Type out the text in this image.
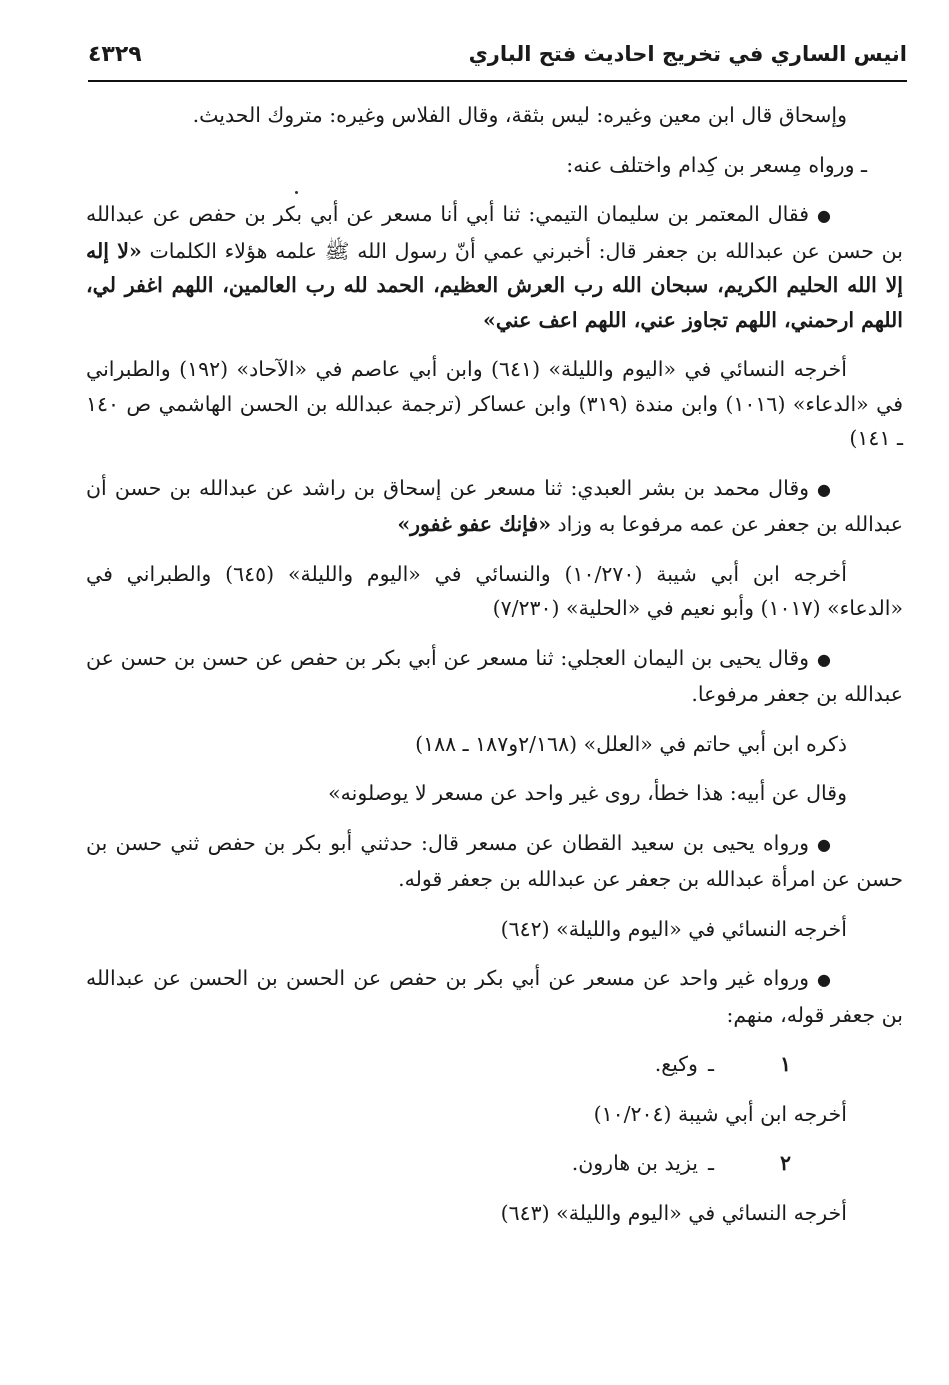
انيس الساري في تخريج احاديث فتح الباري
٤٣٢٩

وإسحاق قال ابن معين وغيره: ليس بثقة، وقال الفلاس وغيره: متروك الحديث.

ـ ورواه مِسعر بن كِدام واختلف عنه:

●فقال المعتمر بن سليمان التيمي: ثنا أبي أنا مسعر عن أبي بكر بن حفص عن عبدالله بن حسن عن عبدالله بن جعفر قال: أخبرني عمي أنّ رسول الله ﷺ علمه هؤلاء الكلمات «لا إله إلا الله الحليم الكريم، سبحان الله رب العرش العظيم، الحمد لله رب العالمين، اللهم اغفر لي، اللهم ارحمني، اللهم تجاوز عني، اللهم اعف عني»

أخرجه النسائي في «اليوم والليلة» (٦٤١) وابن أبي عاصم في «الآحاد» (١٩٢) والطبراني في «الدعاء» (١٠١٦) وابن مندة (٣١٩) وابن عساكر (ترجمة عبدالله بن الحسن الهاشمي ص ١٤٠ ـ ١٤١)

●وقال محمد بن بشر العبدي: ثنا مسعر عن إسحاق بن راشد عن عبدالله بن حسن أن عبدالله بن جعفر عن عمه مرفوعا به وزاد «فإنك عفو غفور»

أخرجه ابن أبي شيبة (١٠/٢٧٠) والنسائي في «اليوم والليلة» (٦٤٥) والطبراني في «الدعاء» (١٠١٧) وأبو نعيم في «الحلية» (٧/٢٣٠)

●وقال يحيى بن اليمان العجلي: ثنا مسعر عن أبي بكر بن حفص عن حسن بن حسن عن عبدالله بن جعفر مرفوعا.

ذكره ابن أبي حاتم في «العلل» (٢/١٦٨و١٨٧ ـ ١٨٨)

وقال عن أبيه: هذا خطأ، روى غير واحد عن مسعر لا يوصلونه»

●ورواه يحيى بن سعيد القطان عن مسعر قال: حدثني أبو بكر بن حفص ثني حسن بن حسن عن امرأة عبدالله بن جعفر عن عبدالله بن جعفر قوله.

أخرجه النسائي في «اليوم والليلة» (٦٤٢)

●ورواه غير واحد عن مسعر عن أبي بكر بن حفص عن الحسن بن الحسن عن عبدالله بن جعفر قوله، منهم:

١ـوكيع.

أخرجه ابن أبي شيبة (١٠/٢٠٤)

٢ـيزيد بن هارون.

أخرجه النسائي في «اليوم والليلة» (٦٤٣)
